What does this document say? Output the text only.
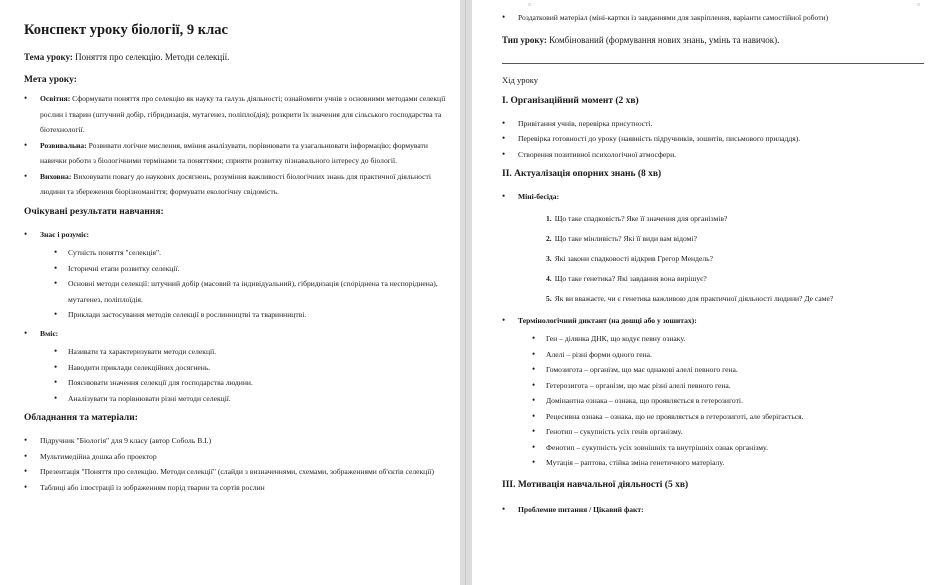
Конспект уроку біології, 9 клас

Тема уроку: Поняття про селекцію. Методи селекції.

Мета уроку:
• Освітня: Сформувати поняття про селекцію як науку та галузь діяльності; ознайомити учнів з основними методами селекції рослин і тварин (штучний добір, гібридизація, мутагенез, поліплоїдія); розкрити їх значення для сільського господарства та біотехнології.
• Розвивальна: Розвивати логічне мислення, вміння аналізувати, порівнювати та узагальнювати інформацію; формувати навички роботи з біологічними термінами та поняттями; сприяти розвитку пізнавального інтересу до біології.
• Виховна: Виховувати повагу до наукових досягнень, розуміння важливості біологічних знань для практичної діяльності людини та збереження біорізноманіття; формувати екологічну свідомість.
Очікувані результати навчання:
• Знає і розуміє:
• Сутність поняття "селекція".
• Історичні етапи розвитку селекції.
• Основні методи селекції: штучний добір (масовий та індивідуальний), гібридизація (споріднена та неспоріднена), мутагенез, поліплоїдія.
• Приклади застосування методів селекції в рослинництві та тваринництві.
• Вміє:
• Називати та характеризувати методи селекції.
• Наводити приклади селекційних досягнень.
• Пояснювати значення селекції для господарства людини.
• Аналізувати та порівнювати різні методи селекції.
Обладнання та матеріали:
• Підручник "Біологія" для 9 класу (автор Соболь В.І.)
• Мультимедійна дошка або проектор
• Презентація "Поняття про селекцію. Методи селекції" (слайди з визначеннями, схемами, зображеннями об'єктів селекції)
• Таблиці або ілюстрації із зображенням порід тварин та сортів рослин
▫	▫
• Роздатковий матеріал (міні-картки із завданнями для закріплення, варіанти самостійної роботи)

Тип уроку: Комбінований (формування нових знань, умінь та навичок).

Хід уроку

I. Організаційний момент (2 хв)
• Привітання учнів, перевірка присутності.
• Перевірка готовності до уроку (наявність підручників, зошитів, письмового приладдя).
• Створення позитивної психологічної атмосфери.
II. Актуалізація опорних знань (8 хв)
• Міні-бесіда:
1. Що таке спадковість? Яке її значення для організмів?
2. Що таке мінливість? Які її види вам відомі?
3. Які закони спадковості відкрив Грегор Мендель?
4. Що таке генетика? Які завдання вона вирішує?
5. Як ви вважаєте, чи є генетика важливою для практичної діяльності людини? Де саме?
• Термінологічний диктант (на дошці або у зошитах):
• Ген – ділянка ДНК, що кодує певну ознаку.
• Алелі – різні форми одного гена.
• Гомозигота – організм, що має однакові алелі певного гена.
• Гетерозигота – організм, що має різні алелі певного гена.
• Домінантна ознака – ознака, що проявляється в гетерозиготі.
• Рецесивна ознака – ознака, що не проявляється в гетерозиготі, але зберігається.
• Генотип – сукупність усіх генів організму.
• Фенотип – сукупність усіх зовнішніх та внутрішніх ознак організму.
• Мутація – раптова, стійка зміна генетичного матеріалу.
III. Мотивація навчальної діяльності (5 хв)
• Проблемне питання / Цікавий факт:
